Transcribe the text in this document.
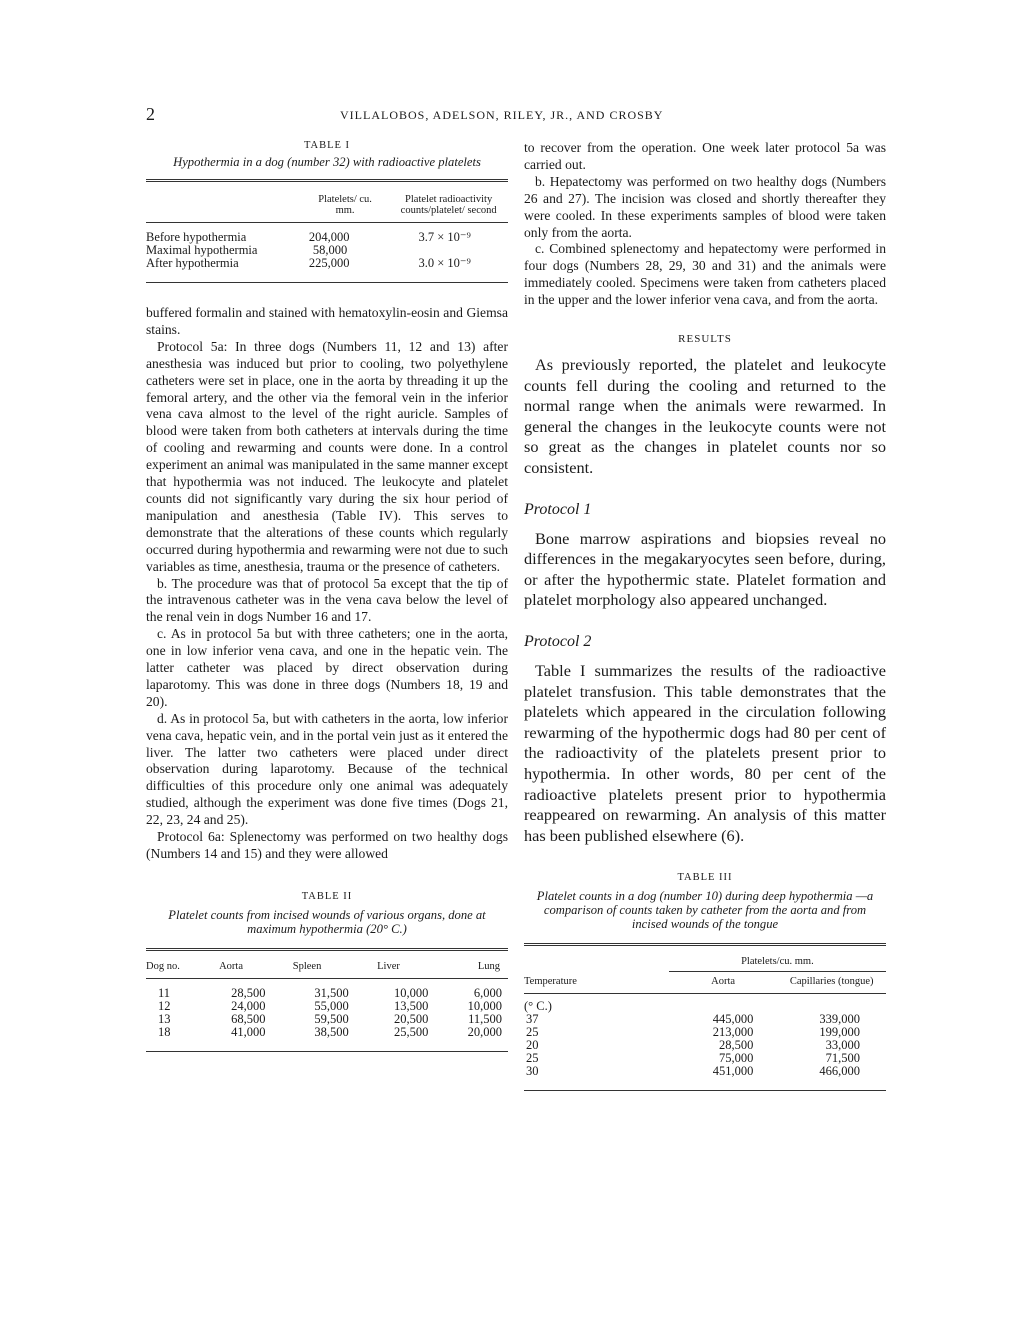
2	VILLALOBOS, ADELSON, RILEY, JR., AND CROSBY
TABLE I
Hypothermia in a dog (number 32) with radioactive platelets
	Platelets/ cu. mm.	Platelet radioactivity counts/platelet/ second
Before hypothermia	204,000	3.7 × 10⁻⁹
Maximal hypothermia	58,000	
After hypothermia	225,000	3.0 × 10⁻⁹

buffered formalin and stained with hematoxylin-eosin and Giemsa stains.

Protocol 5a: In three dogs (Numbers 11, 12 and 13) after anesthesia was induced but prior to cooling, two polyethylene catheters were set in place, one in the aorta by threading it up the femoral artery, and the other via the femoral vein in the inferior vena cava almost to the level of the right auricle. Samples of blood were taken from both catheters at intervals during the time of cooling and rewarming and counts were done. In a control experiment an animal was manipulated in the same manner except that hypothermia was not induced. The leukocyte and platelet counts did not significantly vary during the six hour period of manipulation and anesthesia (Table IV). This serves to demonstrate that the alterations of these counts which regularly occurred during hypothermia and rewarming were not due to such variables as time, anesthesia, trauma or the presence of catheters.

b. The procedure was that of protocol 5a except that the tip of the intravenous catheter was in the vena cava below the level of the renal vein in dogs Number 16 and 17.

c. As in protocol 5a but with three catheters; one in the aorta, one in low inferior vena cava, and one in the hepatic vein. The latter catheter was placed by direct observation during laparotomy. This was done in three dogs (Numbers 18, 19 and 20).

d. As in protocol 5a, but with catheters in the aorta, low inferior vena cava, hepatic vein, and in the portal vein just as it entered the liver. The latter two catheters were placed under direct observation during laparotomy. Because of the technical difficulties of this procedure only one animal was adequately studied, although the experiment was done five times (Dogs 21, 22, 23, 24 and 25).

Protocol 6a: Splenectomy was performed on two healthy dogs (Numbers 14 and 15) and they were allowed

TABLE II
Platelet counts from incised wounds of various organs, done at maximum hypothermia (20° C.)
Dog no.	Aorta	Spleen	Liver	Lung
11	28,500	31,500	10,000	6,000
12	24,000	55,000	13,500	10,000
13	68,500	59,500	20,500	11,500
18	41,000	38,500	25,500	20,000

to recover from the operation. One week later protocol 5a was carried out.

b. Hepatectomy was performed on two healthy dogs (Numbers 26 and 27). The incision was closed and shortly thereafter they were cooled. In these experiments samples of blood were taken only from the aorta.

c. Combined splenectomy and hepatectomy were performed in four dogs (Numbers 28, 29, 30 and 31) and the animals were immediately cooled. Specimens were taken from catheters placed in the upper and the lower inferior vena cava, and from the aorta.

RESULTS

As previously reported, the platelet and leukocyte counts fell during the cooling and returned to the normal range when the animals were rewarmed. In general the changes in the leukocyte counts were not so great as the changes in platelet counts nor so consistent.

Protocol 1

Bone marrow aspirations and biopsies reveal no differences in the megakaryocytes seen before, during, or after the hypothermic state. Platelet formation and platelet morphology also appeared unchanged.

Protocol 2

Table I summarizes the results of the radioactive platelet transfusion. This table demonstrates that the platelets which appeared in the circulation following rewarming of the hypothermic dogs had 80 per cent of the radioactivity of the platelets present prior to hypothermia. In other words, 80 per cent of the radioactive platelets present prior to hypothermia reappeared on rewarming. An analysis of this matter has been published elsewhere (6).

TABLE III
Platelet counts in a dog (number 10) during deep hypothermia —a comparison of counts taken by catheter from the aorta and from incised wounds of the tongue
	Platelets/cu. mm.	
Temperature	Aorta	Capillaries (tongue)
(° C.)		
37	445,000	339,000
25	213,000	199,000
20	28,500	33,000
25	75,000	71,500
30	451,000	466,000
